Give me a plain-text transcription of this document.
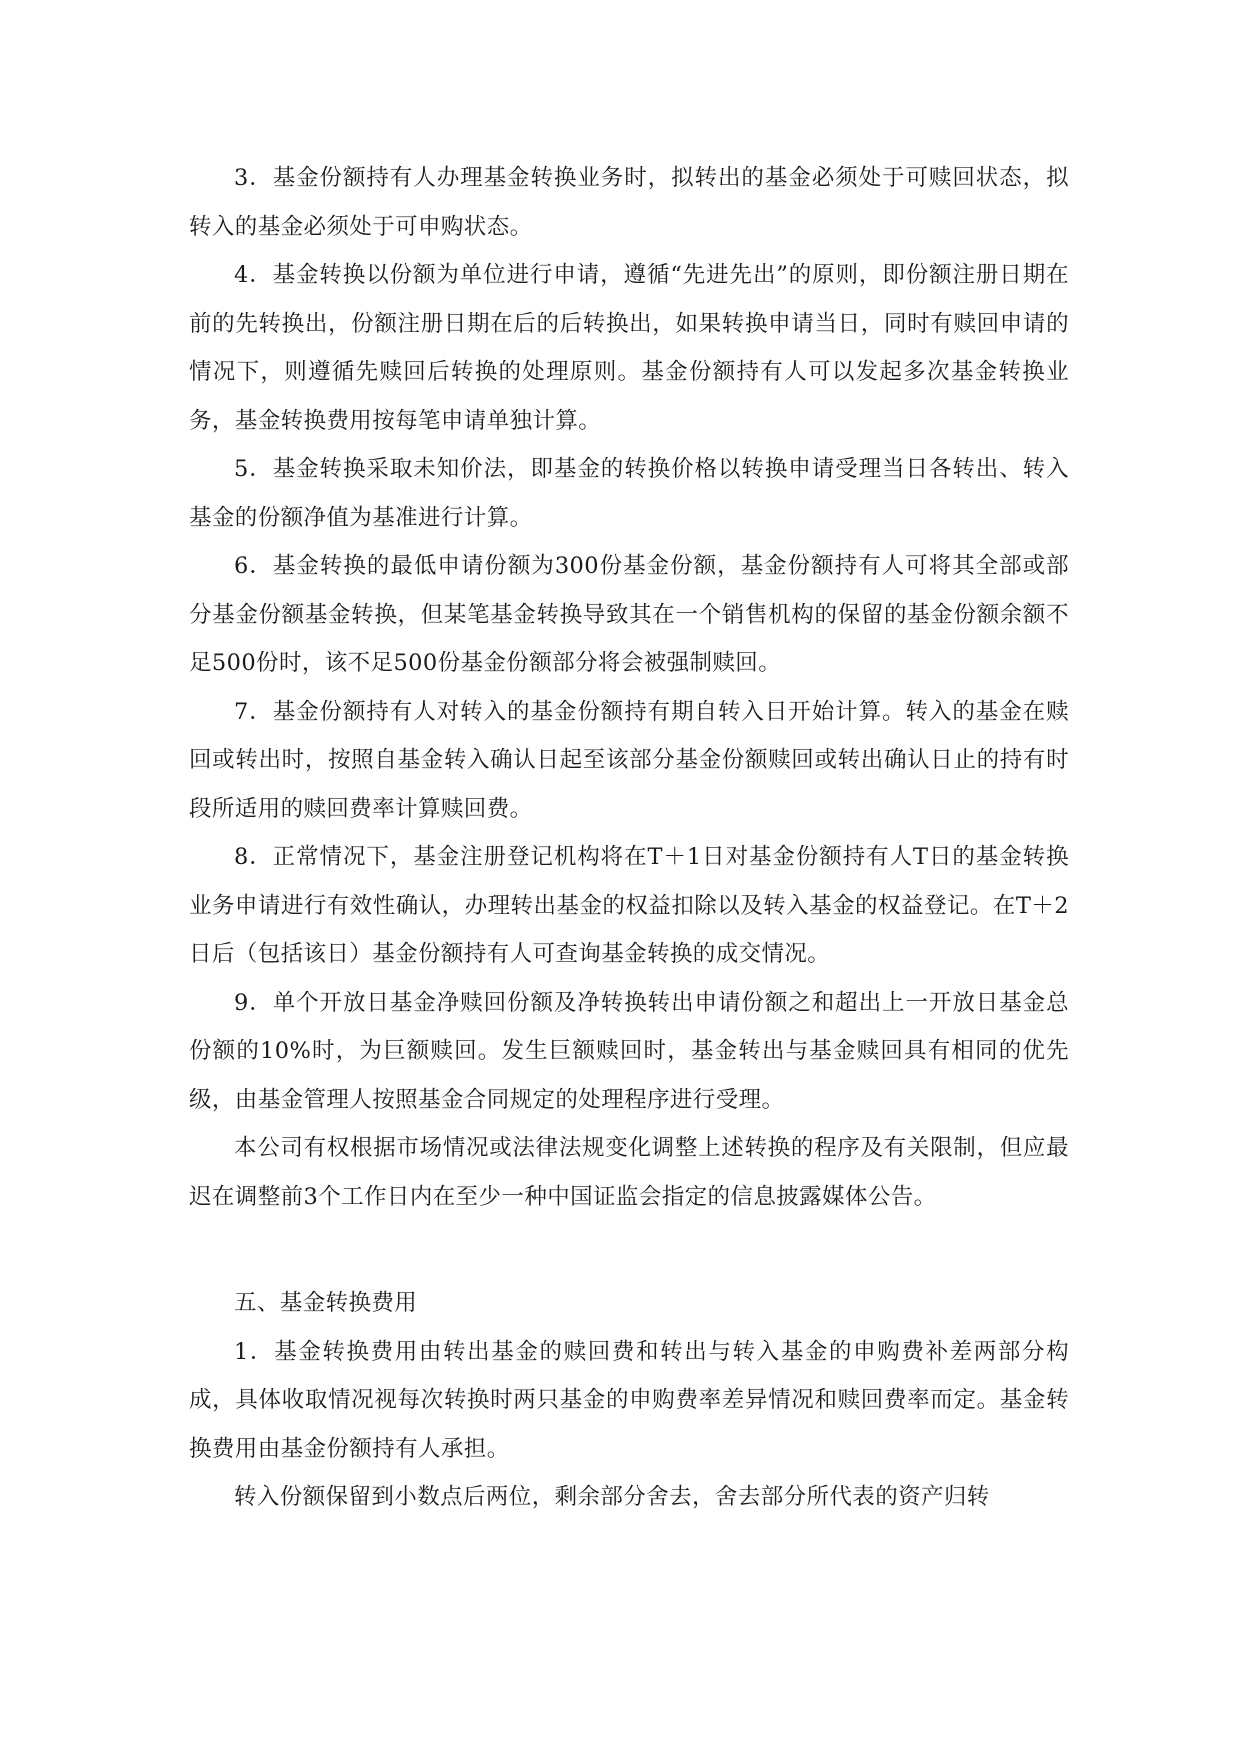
3．基金份额持有人办理基金转换业务时，拟转出的基金必须处于可赎回状态，拟转入的基金必须处于可申购状态。

4．基金转换以份额为单位进行申请，遵循“先进先出”的原则，即份额注册日期在前的先转换出，份额注册日期在后的后转换出，如果转换申请当日，同时有赎回申请的情况下，则遵循先赎回后转换的处理原则。基金份额持有人可以发起多次基金转换业务，基金转换费用按每笔申请单独计算。

5．基金转换采取未知价法，即基金的转换价格以转换申请受理当日各转出、转入基金的份额净值为基准进行计算。

6．基金转换的最低申请份额为300份基金份额，基金份额持有人可将其全部或部分基金份额基金转换，但某笔基金转换导致其在一个销售机构的保留的基金份额余额不足500份时，该不足500份基金份额部分将会被强制赎回。

7．基金份额持有人对转入的基金份额持有期自转入日开始计算。转入的基金在赎回或转出时，按照自基金转入确认日起至该部分基金份额赎回或转出确认日止的持有时段所适用的赎回费率计算赎回费。

8．正常情况下，基金注册登记机构将在T＋1日对基金份额持有人T日的基金转换业务申请进行有效性确认，办理转出基金的权益扣除以及转入基金的权益登记。在T＋2日后（包括该日）基金份额持有人可查询基金转换的成交情况。

9．单个开放日基金净赎回份额及净转换转出申请份额之和超出上一开放日基金总份额的10%时，为巨额赎回。发生巨额赎回时，基金转出与基金赎回具有相同的优先级，由基金管理人按照基金合同规定的处理程序进行受理。

本公司有权根据市场情况或法律法规变化调整上述转换的程序及有关限制，但应最迟在调整前3个工作日内在至少一种中国证监会指定的信息披露媒体公告。

五、基金转换费用

1．基金转换费用由转出基金的赎回费和转出与转入基金的申购费补差两部分构成，具体收取情况视每次转换时两只基金的申购费率差异情况和赎回费率而定。基金转换费用由基金份额持有人承担。

转入份额保留到小数点后两位，剩余部分舍去，舍去部分所代表的资产归转
